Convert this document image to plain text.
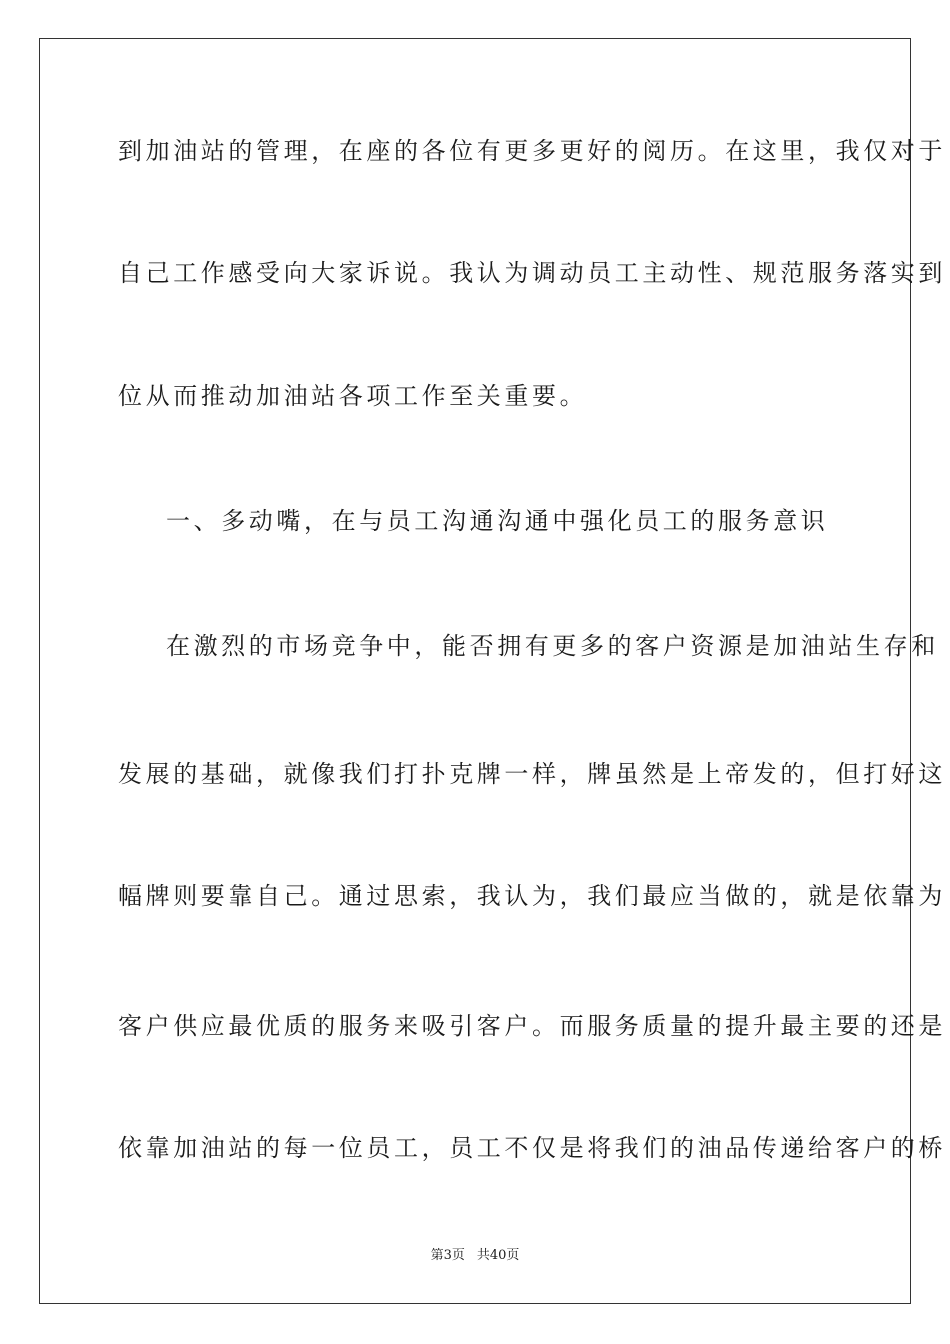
到加油站的管理，在座的各位有更多更好的阅历。在这里，我仅对于
自己工作感受向大家诉说。我认为调动员工主动性、规范服务落实到
位从而推动加油站各项工作至关重要。
一、多动嘴，在与员工沟通沟通中强化员工的服务意识
在激烈的市场竞争中，能否拥有更多的客户资源是加油站生存和
发展的基础，就像我们打扑克牌一样，牌虽然是上帝发的，但打好这
幅牌则要靠自己。通过思索，我认为，我们最应当做的，就是依靠为
客户供应最优质的服务来吸引客户。而服务质量的提升最主要的还是
依靠加油站的每一位员工，员工不仅是将我们的油品传递给客户的桥
第3页 共40页
